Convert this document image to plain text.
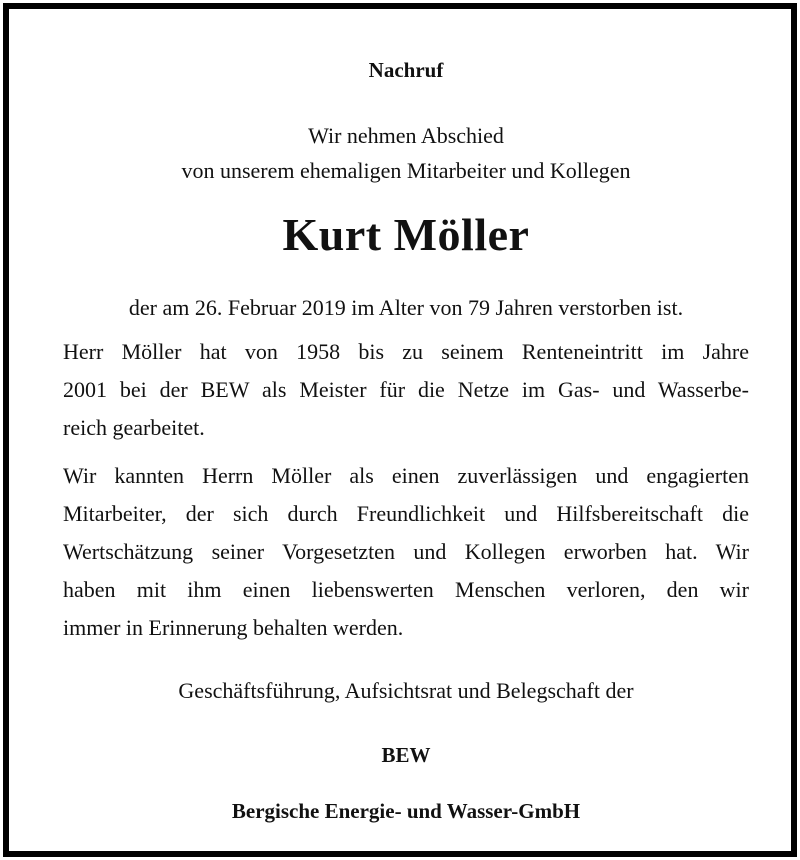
Nachruf
Wir nehmen Abschied
von unserem ehemaligen Mitarbeiter und Kollegen
Kurt Möller
der am 26. Februar 2019 im Alter von 79 Jahren verstorben ist.
Herr Möller hat von 1958 bis zu seinem Renteneintritt im Jahre
2001 bei der BEW als Meister für die Netze im Gas- und Wasserbe-
reich gearbeitet.
Wir kannten Herrn Möller als einen zuverlässigen und engagierten
Mitarbeiter, der sich durch Freundlichkeit und Hilfsbereitschaft die
Wertschätzung seiner Vorgesetzten und Kollegen erworben hat. Wir
haben mit ihm einen liebenswerten Menschen verloren, den wir
immer in Erinnerung behalten werden.
Geschäftsführung, Aufsichtsrat und Belegschaft der
BEW
Bergische Energie- und Wasser-GmbH
